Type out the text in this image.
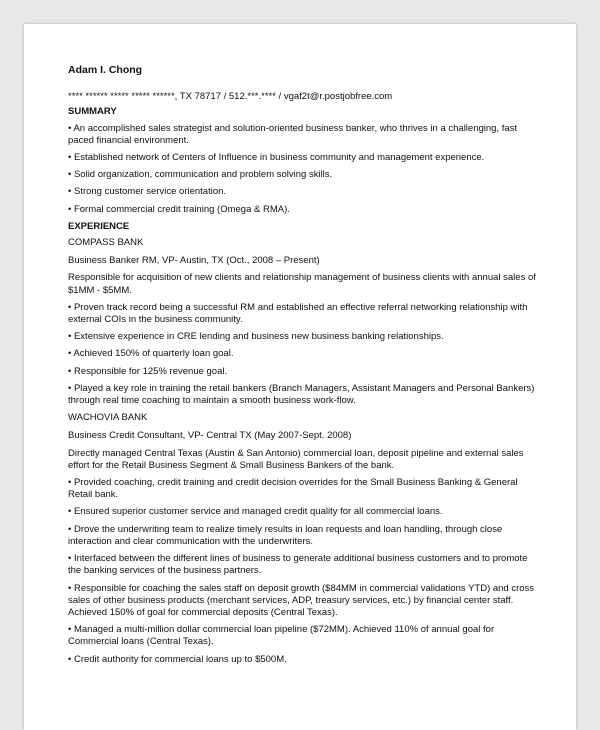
Adam I. Chong
**** ****** ***** ***** ******, TX 78717 / 512.***.**** / vgaf2t@r.postjobfree.com
SUMMARY
• An accomplished sales strategist and solution-oriented business banker, who thrives in a challenging, fast paced financial environment.
• Established network of Centers of Influence in business community and management experience.
• Solid organization, communication and problem solving skills.
• Strong customer service orientation.
• Formal commercial credit training (Omega & RMA).
EXPERIENCE
COMPASS BANK
Business Banker RM, VP- Austin, TX (Oct., 2008 – Present)
Responsible for acquisition of new clients and relationship management of business clients with annual sales of $1MM - $5MM.
• Proven track record being a successful RM and established an effective referral networking relationship with external COIs in the business community.
• Extensive experience in CRE lending and business new business banking relationships.
• Achieved 150% of quarterly loan goal.
• Responsible for 125% revenue goal.
• Played a key role in training the retail bankers (Branch Managers, Assistant Managers and Personal Bankers) through real time coaching to maintain a smooth business work-flow.
WACHOVIA BANK
Business Credit Consultant, VP- Central TX (May 2007-Sept. 2008)
Directly managed Central Texas (Austin & San Antonio) commercial loan, deposit pipeline and external sales effort for the Retail Business Segment & Small Business Bankers of the bank.
• Provided coaching, credit training and credit decision overrides for the Small Business Banking & General Retail bank.
• Ensured superior customer service and managed credit quality for all commercial loans.
• Drove the underwriting team to realize timely results in loan requests and loan handling, through close interaction and clear communication with the underwriters.
• Interfaced between the different lines of business to generate additional business customers and to promote the banking services of the business partners.
• Responsible for coaching the sales staff on deposit growth ($84MM in commercial validations YTD) and cross sales of other business products (merchant services, ADP, treasury services, etc.) by financial center staff. Achieved 150% of goal for commercial deposits (Central Texas).
• Managed a multi-million dollar commercial loan pipeline ($72MM). Achieved 110% of annual goal for Commercial loans (Central Texas).
• Credit authority for commercial loans up to $500M.
